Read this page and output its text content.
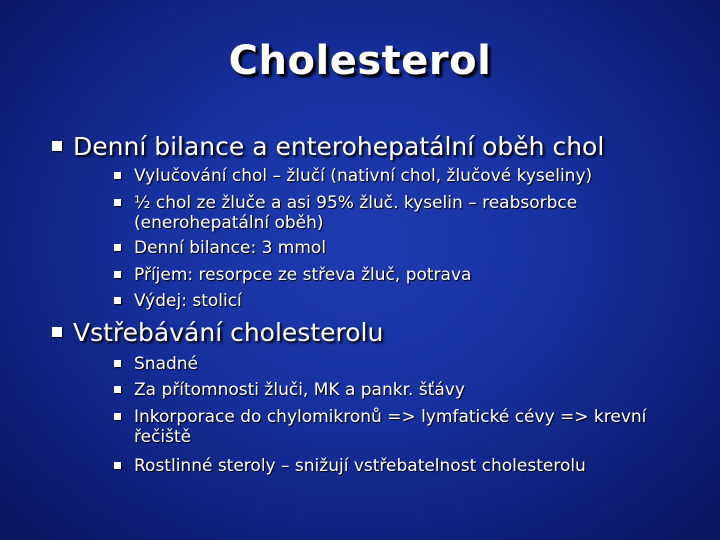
Cholesterol
Denní bilance a enterohepatální oběh chol
Vylučování chol – žlučí (nativní chol, žlučové kyseliny)
½ chol ze žluče a asi 95% žluč. kyselin – reabsorbce
(enerohepatální oběh)
Denní bilance: 3 mmol
Příjem: resorpce ze střeva žluč, potrava
Výdej: stolicí
Vstřebávání cholesterolu
Snadné
Za přítomnosti žluči, MK a pankr. šťávy
Inkorporace do chylomikronů => lymfatické cévy => krevní
řečiště
Rostlinné steroly – snižují vstřebatelnost cholesterolu
